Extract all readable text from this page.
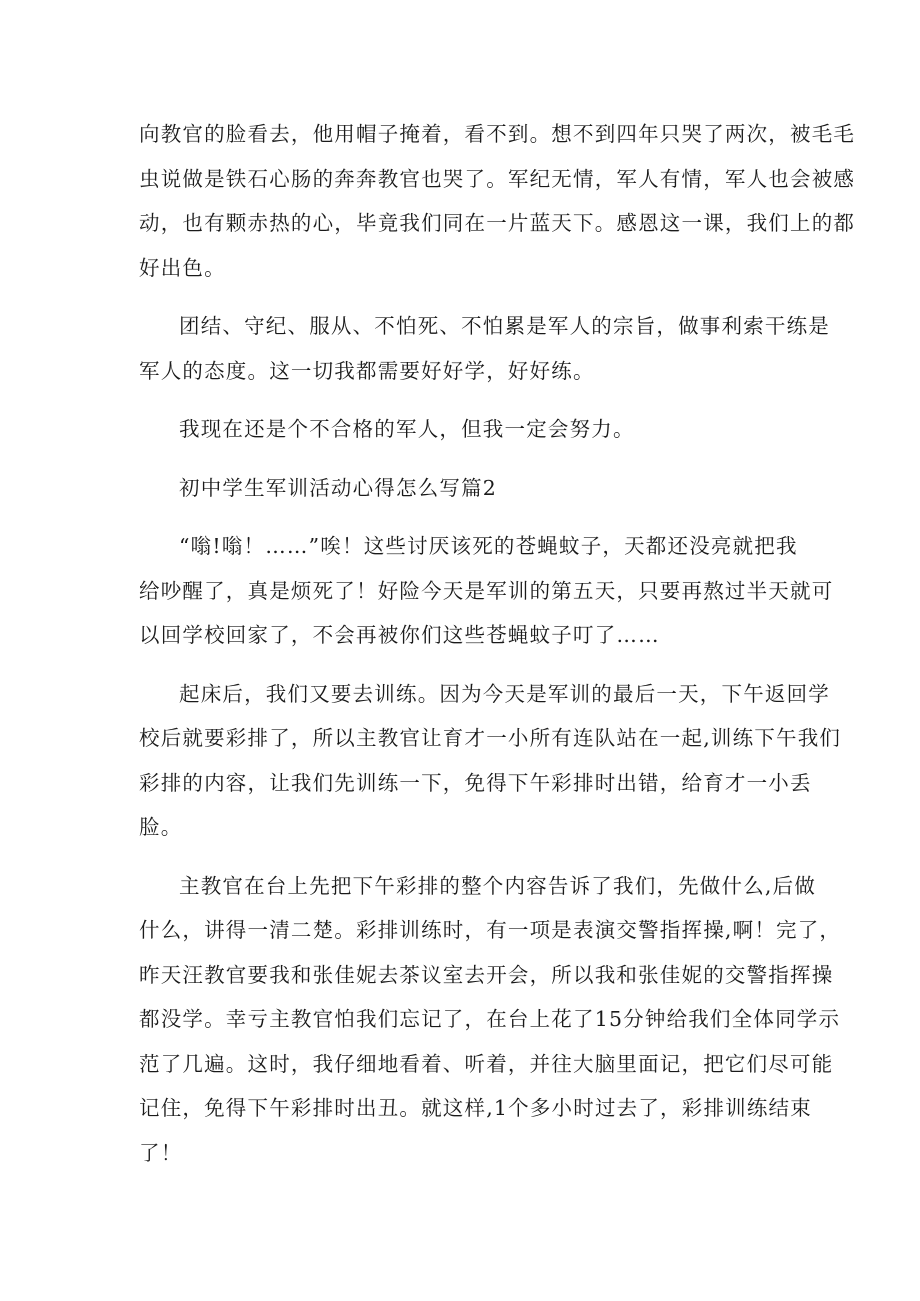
向教官的脸看去，他用帽子掩着，看不到。想不到四年只哭了两次，被毛毛
虫说做是铁石心肠的奔奔教官也哭了。军纪无情，军人有情，军人也会被感
动，也有颗赤热的心，毕竟我们同在一片蓝天下。感恩这一课，我们上的都
好出色。
团结、守纪、服从、不怕死、不怕累是军人的宗旨，做事利索干练是
军人的态度。这一切我都需要好好学，好好练。
我现在还是个不合格的军人，但我一定会努力。
初中学生军训活动心得怎么写篇2
“嗡!嗡！……”唉！这些讨厌该死的苍蝇蚊子，天都还没亮就把我
给吵醒了，真是烦死了！好险今天是军训的第五天，只要再熬过半天就可
以回学校回家了，不会再被你们这些苍蝇蚊子叮了……
起床后，我们又要去训练。因为今天是军训的最后一天，下午返回学
校后就要彩排了，所以主教官让育才一小所有连队站在一起,训练下午我们
彩排的内容，让我们先训练一下，免得下午彩排时出错，给育才一小丢
脸。
主教官在台上先把下午彩排的整个内容告诉了我们，先做什么,后做
什么，讲得一清二楚。彩排训练时，有一项是表演交警指挥操,啊！完了，
昨天汪教官要我和张佳妮去茶议室去开会，所以我和张佳妮的交警指挥操
都没学。幸亏主教官怕我们忘记了，在台上花了15分钟给我们全体同学示
范了几遍。这时，我仔细地看着、听着，并往大脑里面记，把它们尽可能
记住，免得下午彩排时出丑。就这样,1个多小时过去了，彩排训练结束
了！
